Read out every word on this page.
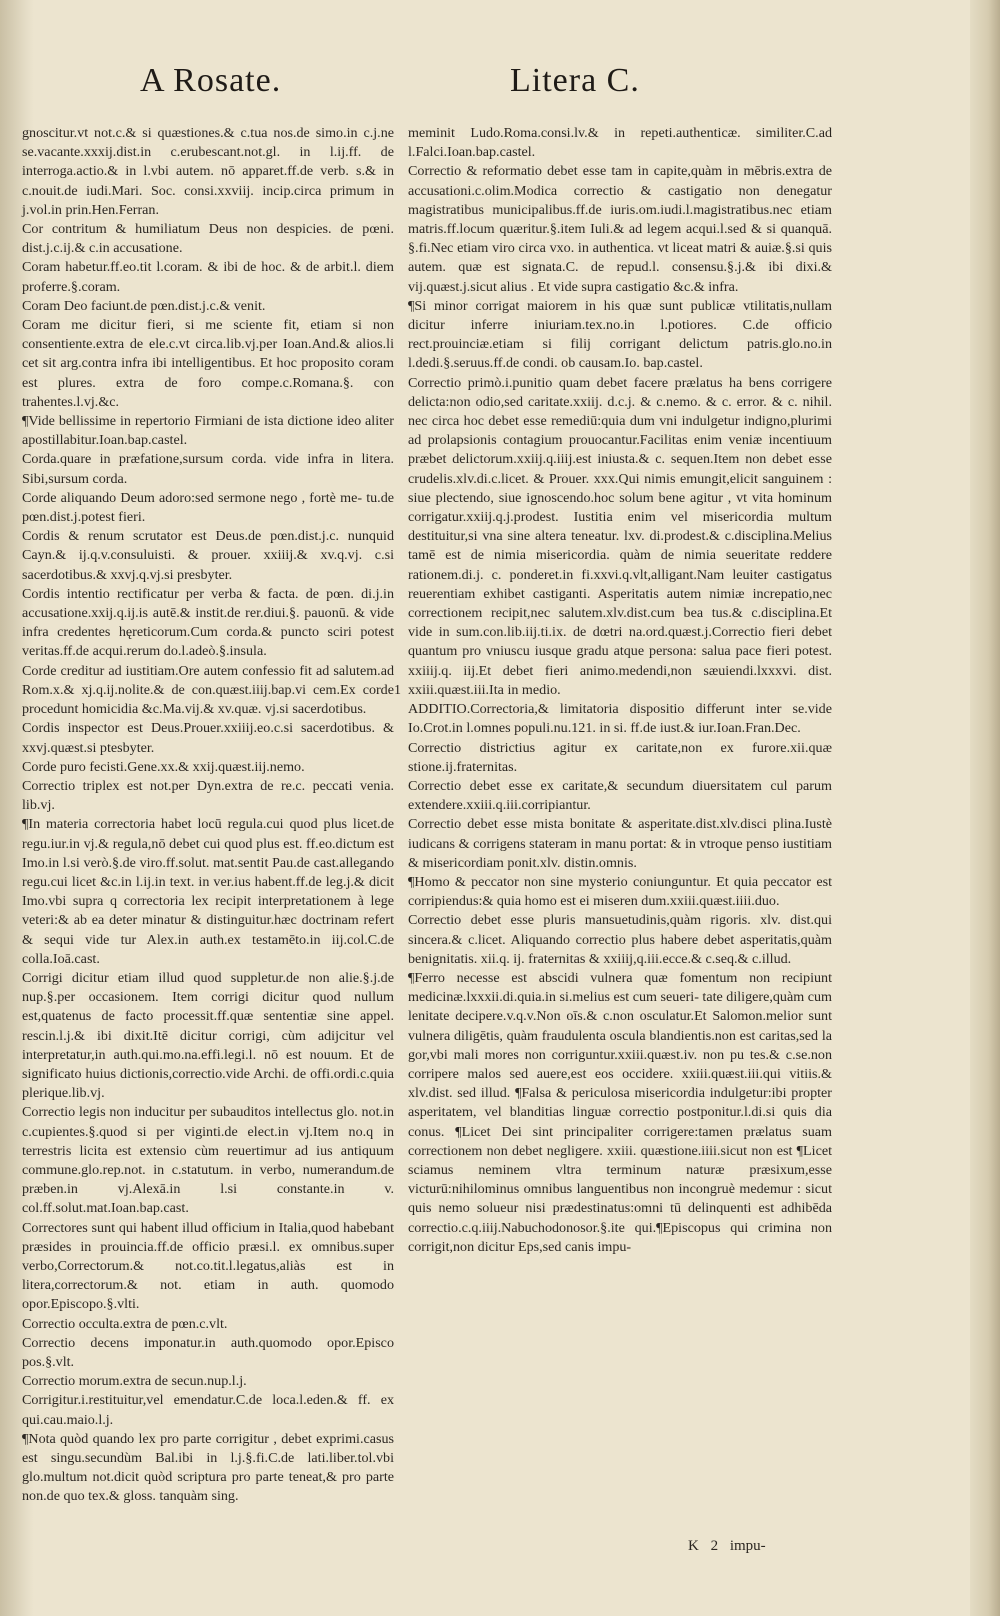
A Rosate.	Litera C.

gnoscitur.vt not.c.& si quæstiones.& c.tua nos.de simo.in c.j.ne se.vacante.xxxij.dist.in c.erubescant.not.gl. in l.ij.ff. de interroga.actio.& in l.vbi autem. nō apparet.ff.de verb. s.& in c.nouit.de iudi.Mari. Soc. consi.xxviij. incip.circa primum in j.vol.in prin.Hen.Ferran.

Cor contritum & humiliatum Deus non despicies. de pœni. dist.j.c.ij.& c.in accusatione.

Coram habetur.ff.eo.tit l.coram. & ibi de hoc. & de arbit.l. diem proferre.§.coram.

Coram Deo faciunt.de pœn.dist.j.c.& venit.

Coram me dicitur fieri, si me sciente fit, etiam si non consentiente.extra de ele.c.vt circa.lib.vj.per Ioan.And.& alios.li cet sit arg.contra infra ibi intelligentibus. Et hoc proposito coram est plures. extra de foro compe.c.Romana.§. con trahentes.l.vj.&c.

¶Vide bellissime in repertorio Firmiani de ista dictione ideo aliter apostillabitur.Ioan.bap.castel.

Corda.quare in præfatione,sursum corda. vide infra in litera. Sibi,sursum corda.

Corde aliquando Deum adoro:sed sermone nego , fortè me- tu.de pœn.dist.j.potest fieri.

Cordis & renum scrutator est Deus.de pœn.dist.j.c. nunquid Cayn.& ij.q.v.consuluisti. & prouer. xxiiij.& xv.q.vj. c.si sacerdotibus.& xxvj.q.vj.si presbyter.

Cordis intentio rectificatur per verba & facta. de pœn. di.j.in accusatione.xxij.q.ij.is autē.& instit.de rer.diui.§. pauonū. & vide infra credentes hęreticorum.Cum corda.& puncto sciri potest veritas.ff.de acqui.rerum do.l.adeò.§.insula.

Corde creditur ad iustitiam.Ore autem confessio fit ad salutem.ad Rom.x.& xj.q.ij.nolite.& de con.quæst.iiij.bap.vi cem.Ex corde procedunt homicidia &c.Ma.vij.& xv.quæ. vj.si sacerdotibus.

Cordis inspector est Deus.Prouer.xxiiij.eo.c.si sacerdotibus. & xxvj.quæst.si ptesbyter.

Corde puro fecisti.Gene.xx.& xxij.quæst.iij.nemo.

Correctio triplex est not.per Dyn.extra de re.c. peccati venia. lib.vj.

¶In materia correctoria habet locū regula.cui quod plus licet.de regu.iur.in vj.& regula,nō debet cui quod plus est. ff.eo.dictum est Imo.in l.si verò.§.de viro.ff.solut. mat.sentit Pau.de cast.allegando regu.cui licet &c.in l.ij.in text. in ver.ius habent.ff.de leg.j.& dicit Imo.vbi supra q correctoria lex recipit interpretationem à lege veteri:& ab ea deter minatur & distinguitur.hæc doctrinam refert & sequi vide tur Alex.in auth.ex testamēto.in iij.col.C.de colla.Ioā.cast.

Corrigi dicitur etiam illud quod suppletur.de non alie.§.j.de nup.§.per occasionem. Item corrigi dicitur quod nullum est,quatenus de facto processit.ff.quæ sententiæ sine appel. rescin.l.j.& ibi dixit.Itē dicitur corrigi, cùm adijcitur vel interpretatur,in auth.qui.mo.na.effi.legi.l. nō est nouum. Et de significato huius dictionis,correctio.vide Archi. de offi.ordi.c.quia plerique.lib.vj.

Correctio legis non inducitur per subauditos intellectus glo. not.in c.cupientes.§.quod si per viginti.de elect.in vj.Item no.q in terrestris licita est extensio cùm reuertimur ad ius antiquum commune.glo.rep.not. in c.statutum. in verbo, numerandum.de præben.in vj.Alexā.in l.si constante.in v. col.ff.solut.mat.Ioan.bap.cast.

Correctores sunt qui habent illud officium in Italia,quod habebant præsides in prouincia.ff.de officio præsi.l. ex omnibus.super verbo,Correctorum.& not.co.tit.l.legatus,aliàs est in litera,correctorum.& not. etiam in auth. quomodo opor.Episcopo.§.vlti.

Correctio occulta.extra de pœn.c.vlt.

Correctio decens imponatur.in auth.quomodo opor.Episco pos.§.vlt.

Correctio morum.extra de secun.nup.l.j.

Corrigitur.i.restituitur,vel emendatur.C.de loca.l.eden.& ff. ex qui.cau.maio.l.j.

¶Nota quòd quando lex pro parte corrigitur , debet exprimi.casus est singu.secundùm Bal.ibi in l.j.§.fi.C.de lati.liber.tol.vbi glo.multum not.dicit quòd scriptura pro parte teneat,& pro parte non.de quo tex.& gloss. tanquàm sing.

meminit Ludo.Roma.consi.lv.& in repeti.authenticæ. similiter.C.ad l.Falci.Ioan.bap.castel.

Correctio & reformatio debet esse tam in capite,quàm in mēbris.extra de accusationi.c.olim.Modica correctio & castigatio non denegatur magistratibus municipalibus.ff.de iuris.om.iudi.l.magistratibus.nec etiam matris.ff.locum quæritur.§.item Iuli.& ad legem acqui.l.sed & si quanquā. §.fi.Nec etiam viro circa vxo. in authentica. vt liceat matri & auiæ.§.si quis autem. quæ est signata.C. de repud.l. consensu.§.j.& ibi dixi.& vij.quæst.j.sicut alius . Et vide supra castigatio &c.& infra.

¶Si minor corrigat maiorem in his quæ sunt publicæ vtilitatis,nullam dicitur inferre iniuriam.tex.no.in l.potiores. C.de officio rect.prouinciæ.etiam si filij corrigant delictum patris.glo.no.in l.dedi.§.seruus.ff.de condi. ob causam.Io. bap.castel.

Correctio primò.i.punitio quam debet facere prælatus ha bens corrigere delicta:non odio,sed caritate.xxiij. d.c.j. & c.nemo. & c. error. & c. nihil. nec circa hoc debet esse remediū:quia dum vni indulgetur indigno,plurimi ad prolapsionis contagium prouocantur.Facilitas enim veniæ incentiuum præbet delictorum.xxiij.q.iiij.est iniusta.& c. sequen.Item non debet esse crudelis.xlv.di.c.licet. & Prouer. xxx.Qui nimis emungit,elicit sanguinem : siue plectendo, siue ignoscendo.hoc solum bene agitur , vt vita hominum corrigatur.xxiij.q.j.prodest. Iustitia enim vel misericordia multum destituitur,si vna sine altera teneatur. lxv. di.prodest.& c.disciplina.Melius tamē est de nimia misericordia. quàm de nimia seueritate reddere rationem.di.j. c. ponderet.in fi.xxvi.q.vlt,alligant.Nam leuiter castigatus reuerentiam exhibet castiganti. Asperitatis autem nimiæ increpatio,nec correctionem recipit,nec salutem.xlv.dist.cum bea tus.& c.disciplina.Et vide in sum.con.lib.iij.ti.ix. de dœtri na.ord.quæst.j.Correctio fieri debet quantum pro vniuscu iusque gradu atque persona: salua pace fieri potest. xxiiij.q. iij.Et debet fieri animo.medendi,non sæuiendi.lxxxvi. dist. xxiii.quæst.iii.Ita in medio.
1

ADDITIO.Correctoria,& limitatoria dispositio differunt inter se.vide Io.Crot.in l.omnes populi.nu.121. in si. ff.de iust.& iur.Ioan.Fran.Dec.

Correctio districtius agitur ex caritate,non ex furore.xii.quæ stione.ij.fraternitas.

Correctio debet esse ex caritate,& secundum diuersitatem cul parum extendere.xxiii.q.iii.corripiantur.

Correctio debet esse mista bonitate & asperitate.dist.xlv.disci plina.Iustè iudicans & corrigens stateram in manu portat: & in vtroque penso iustitiam & misericordiam ponit.xlv. distin.omnis.

¶Homo & peccator non sine mysterio coniunguntur. Et quia peccator est corripiendus:& quia homo est ei miseren dum.xxiii.quæst.iiii.duo.

Correctio debet esse pluris mansuetudinis,quàm rigoris. xlv. dist.qui sincera.& c.licet. Aliquando correctio plus habere debet asperitatis,quàm benignitatis. xii.q. ij. fraternitas & xxiiij,q.iii.ecce.& c.seq.& c.illud.

¶Ferro necesse est abscidi vulnera quæ fomentum non recipiunt medicinæ.lxxxii.di.quia.in si.melius est cum seueri- tate diligere,quàm cum lenitate decipere.v.q.v.Non oīs.& c.non osculatur.Et Salomon.melior sunt vulnera diligētis, quàm fraudulenta oscula blandientis.non est caritas,sed la gor,vbi mali mores non corriguntur.xxiii.quæst.iv. non pu tes.& c.se.non corripere malos sed auere,est eos occidere. xxiii.quæst.iii.qui vitiis.& xlv.dist. sed illud. ¶Falsa & periculosa misericordia indulgetur:ibi propter asperitatem, vel blanditias linguæ correctio postponitur.l.di.si quis dia conus. ¶Licet Dei sint principaliter corrigere:tamen prælatus suam correctionem non debet negligere. xxiii. quæstione.iiii.sicut non est ¶Licet sciamus neminem vltra terminum naturæ præsixum,esse victurū:nihilominus omnibus languentibus non incongruè medemur : sicut quis nemo solueur nisi prædestinatus:omni tū delinquenti est adhibēda correctio.c.q.iiij.Nabuchodonosor.§.ite qui.¶Episcopus qui crimina non corrigit,non dicitur Eps,sed canis impu-

K 2 impu-
